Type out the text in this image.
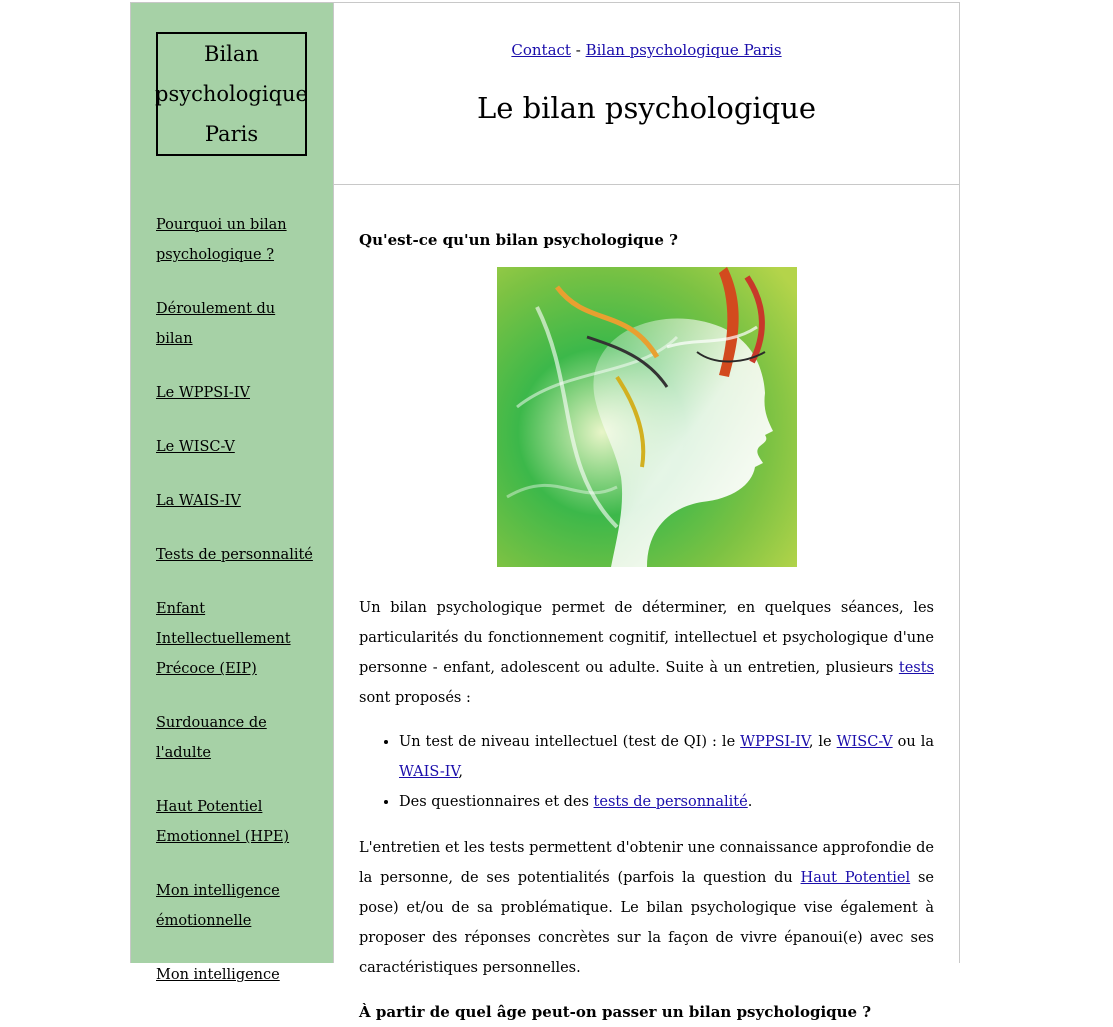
Bilan
psychologique
Paris
Pourquoi un bilan psychologique ?
Déroulement du bilan
Le WPPSI-IV
Le WISC-V
La WAIS-IV
Tests de personnalité
Enfant Intellectuellement Précoce (EIP)
Surdouance de l'adulte
Haut Potentiel Emotionnel (HPE)
Mon intelligence émotionnelle
Mon intelligence
Contact - Bilan psychologique Paris
Le bilan psychologique
Qu'est-ce qu'un bilan psychologique ?

Un bilan psychologique permet de déterminer, en quelques séances, les particularités du fonctionnement cognitif, intellectuel et psychologique d'une personne - enfant, adolescent ou adulte. Suite à un entretien, plusieurs tests sont proposés :

• Un test de niveau intellectuel (test de QI) : le WPPSI-IV, le WISC-V ou la WAIS-IV,
• Des questionnaires et des tests de personnalité.

L'entretien et les tests permettent d'obtenir une connaissance approfondie de la personne, de ses potentialités (parfois la question du Haut Potentiel se pose) et/ou de sa problématique. Le bilan psychologique vise également à proposer des réponses concrètes sur la façon de vivre épanoui(e) avec ses caractéristiques personnelles.

À partir de quel âge peut-on passer un bilan psychologique ?
